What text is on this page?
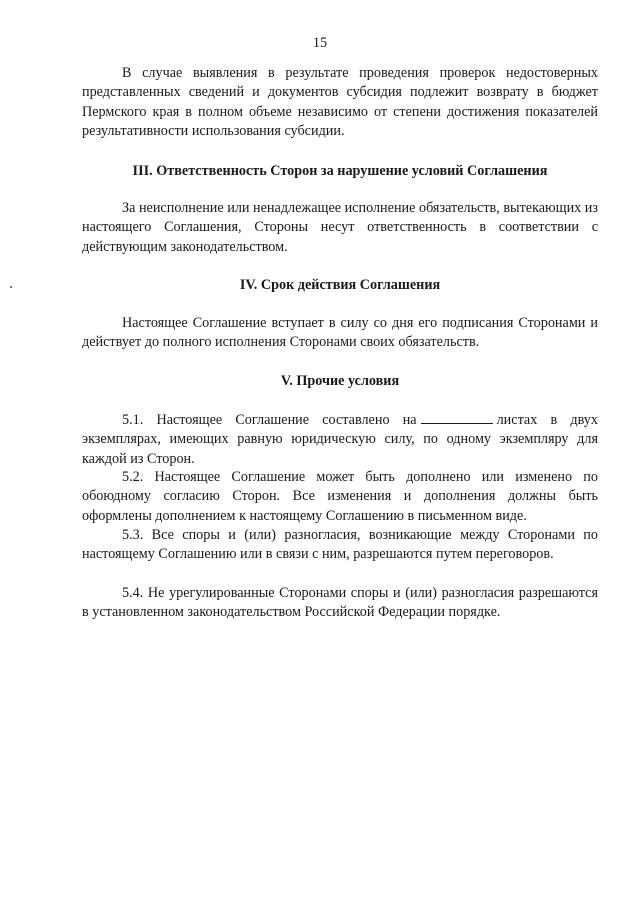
15

В случае выявления в результате проведения проверок недостоверных представленных сведений и документов субсидия подлежит возврату в бюджет Пермского края в полном объеме независимо от степени достижения показателей результативности использования субсидии.

III. Ответственность Сторон за нарушение условий Соглашения

За неисполнение или ненадлежащее исполнение обязательств, вытекающих из настоящего Соглашения, Стороны несут ответственность в соответствии с действующим законодательством.

IV. Срок действия Соглашения

Настоящее Соглашение вступает в силу со дня его подписания Сторонами и действует до полного исполнения Сторонами своих обязательств.

V. Прочие условия

5.1. Настоящее Соглашение составлено на	листах в двух экземплярах, имеющих равную юридическую силу, по одному экземпляру для каждой из Сторон.

5.2. Настоящее Соглашение может быть дополнено или изменено по обоюдному согласию Сторон. Все изменения и дополнения должны быть оформлены дополнением к настоящему Соглашению в письменном виде.

5.3. Все споры и (или) разногласия, возникающие между Сторонами по настоящему Соглашению или в связи с ним, разрешаются путем переговоров.

5.4. Не урегулированные Сторонами споры и (или) разногласия разрешаются в установленном законодательством Российской Федерации порядке.
